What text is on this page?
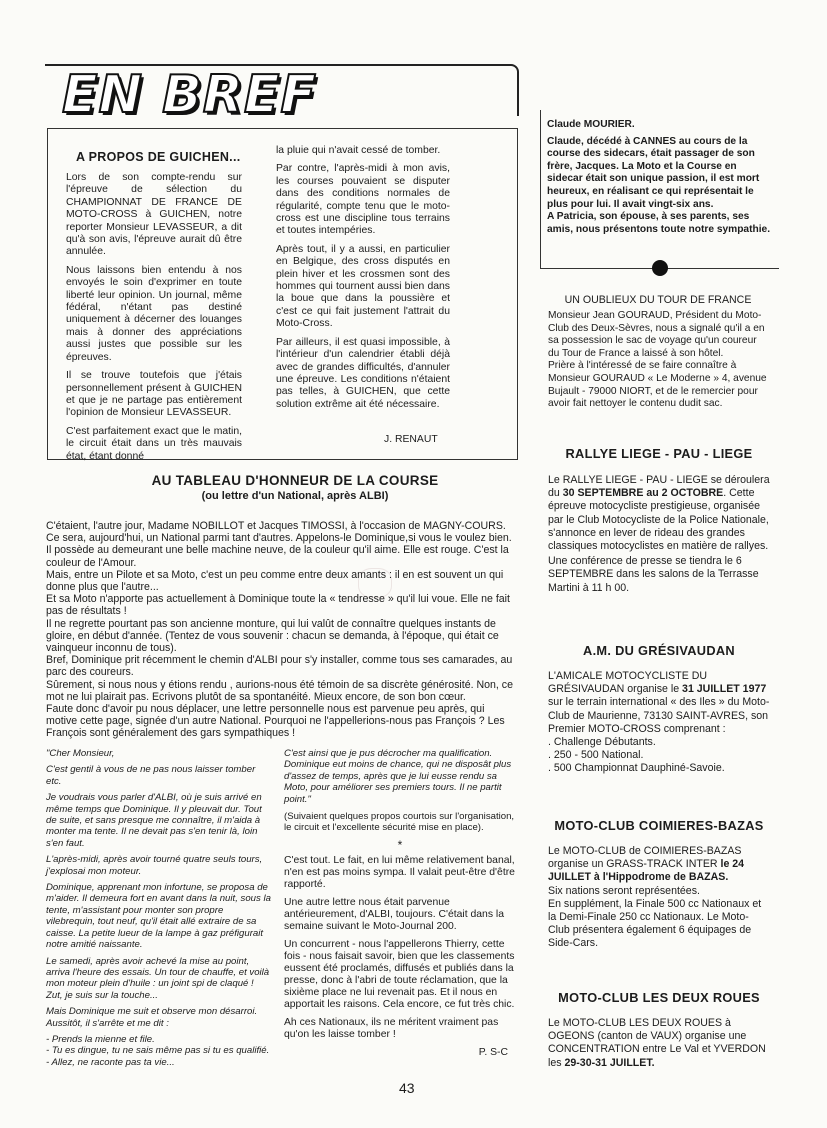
EN BREF
A PROPOS DE GUICHEN...

Lors de son compte-rendu sur l'épreuve de sélection du CHAMPIONNAT DE FRANCE DE MOTO-CROSS à GUICHEN, notre reporter Monsieur LEVASSEUR, a dit qu'à son avis, l'épreuve aurait dû être annulée.

Nous laissons bien entendu à nos envoyés le soin d'exprimer en toute liberté leur opinion. Un journal, même fédéral, n'étant pas destiné uniquement à décerner des louanges mais à donner des appréciations aussi justes que possible sur les épreuves.

Il se trouve toutefois que j'étais personnellement présent à GUICHEN et que je ne partage pas entièrement l'opinion de Monsieur LEVASSEUR.

C'est parfaitement exact que le matin, le circuit était dans un très mauvais état, étant donné

la pluie qui n'avait cessé de tomber.

Par contre, l'après-midi à mon avis, les courses pouvaient se disputer dans des conditions normales de régularité, compte tenu que le moto-cross est une discipline tous terrains et toutes intempéries.

Après tout, il y a aussi, en particulier en Belgique, des cross disputés en plein hiver et les crossmen sont des hommes qui tournent aussi bien dans la boue que dans la poussière et c'est ce qui fait justement l'attrait du Moto-Cross.

Par ailleurs, il est quasi impossible, à l'intérieur d'un calendrier établi déjà avec de grandes difficultés, d'annuler une épreuve. Les conditions n'étaient pas telles, à GUICHEN, que cette solution extrême ait été nécessaire.

J. RENAUT
AU TABLEAU D'HONNEUR DE LA COURSE
(ou lettre d'un National, après ALBI)

C'étaient, l'autre jour, Madame NOBILLOT et Jacques TIMOSSI, à l'occasion de MAGNY-COURS. Ce sera, aujourd'hui, un National parmi tant d'autres. Appelons-le Dominique,si vous le voulez bien.

Il possède au demeurant une belle machine neuve, de la couleur qu'il aime. Elle est rouge. C'est la couleur de l'Amour.

Mais, entre un Pilote et sa Moto, c'est un peu comme entre deux amants : il en est souvent un qui donne plus que l'autre...

Et sa Moto n'apporte pas actuellement à Dominique toute la « tendresse » qu'il lui voue. Elle ne fait pas de résultats !

Il ne regrette pourtant pas son ancienne monture, qui lui valût de connaître quelques instants de gloire, en début d'année. (Tentez de vous souvenir : chacun se demanda, à l'époque, qui était ce vainqueur inconnu de tous).

Bref, Dominique prit récemment le chemin d'ALBI pour s'y installer, comme tous ses camarades, au parc des coureurs.

Sûrement, si nous nous y étions rendu , aurions-nous été témoin de sa discrète générosité. Non, ce mot ne lui plairait pas. Ecrivons plutôt de sa spontanéité. Mieux encore, de son bon cœur.

Faute donc d'avoir pu nous déplacer, une lettre personnelle nous est parvenue peu après, qui motive cette page, signée d'un autre National. Pourquoi ne l'appellerions-nous pas François ? Les François sont généralement des gars sympathiques !

"Cher Monsieur,

C'est gentil à vous de ne pas nous laisser tomber etc.

Je voudrais vous parler d'ALBI, où je suis arrivé en même temps que Dominique. Il y pleuvait dur. Tout de suite, et sans presque me connaître, il m'aida à monter ma tente. Il ne devait pas s'en tenir là, loin s'en faut.

L'après-midi, après avoir tourné quatre seuls tours, j'explosai mon moteur.

Dominique, apprenant mon infortune, se proposa de m'aider. Il demeura fort en avant dans la nuit, sous la tente, m'assistant pour monter son propre vilebrequin, tout neuf, qu'il était allé extraire de sa caisse. La petite lueur de la lampe à gaz préfigurait notre amitié naissante.

Le samedi, après avoir achevé la mise au point, arriva l'heure des essais. Un tour de chauffe, et voilà mon moteur plein d'huile : un joint spi de claqué ! Zut, je suis sur la touche...

Mais Dominique me suit et observe mon désarroi. Aussitôt, il s'arrête et me dit :

- Prends la mienne et file.

- Tu es dingue, tu ne sais même pas si tu es qualifié.

- Allez, ne raconte pas ta vie...

C'est ainsi que je pus décrocher ma qualification. Dominique eut moins de chance, qui ne disposât plus d'assez de temps, après que je lui eusse rendu sa Moto, pour améliorer ses premiers tours. Il ne partit point."

(Suivaient quelques propos courtois sur l'organisation, le circuit et l'excellente sécurité mise en place).

*

C'est tout. Le fait, en lui même relativement banal, n'en est pas moins sympa. Il valait peut-être d'être rapporté.

Une autre lettre nous était parvenue antérieurement, d'ALBI, toujours. C'était dans la semaine suivant le Moto-Journal 200.

Un concurrent - nous l'appellerons Thierry, cette fois - nous faisait savoir, bien que les classements eussent été proclamés, diffusés et publiés dans la presse, donc à l'abri de toute réclamation, que la sixième place ne lui revenait pas. Et il nous en apportait les raisons. Cela encore, ce fut très chic.

Ah ces Nationaux, ils ne méritent vraiment pas qu'on les laisse tomber !

P. S-C

Claude MOURIER.

Claude, décédé à CANNES au cours de la course des sidecars, était passager de son frère, Jacques. La Moto et la Course en sidecar était son unique passion, il est mort heureux, en réalisant ce qui représentait le plus pour lui. Il avait vingt-six ans.

A Patricia, son épouse, à ses parents, ses amis, nous présentons toute notre sympathie.

UN OUBLIEUX DU TOUR DE FRANCE

Monsieur Jean GOURAUD, Président du Moto-Club des Deux-Sèvres, nous a signalé qu'il a en sa possession le sac de voyage qu'un coureur du Tour de France a laissé à son hôtel.

Prière à l'intéressé de se faire connaître à Monsieur GOURAUD « Le Moderne » 4, avenue Bujault - 79000 NIORT, et de le remercier pour avoir fait nettoyer le contenu dudit sac.

RALLYE LIEGE - PAU - LIEGE

Le RALLYE LIEGE - PAU - LIEGE se déroulera du 30 SEPTEMBRE au 2 OCTOBRE. Cette épreuve motocycliste prestigieuse, organisée par le Club Motocycliste de la Police Nationale, s'annonce en lever de rideau des grandes classiques motocyclistes en matière de rallyes.

Une conférence de presse se tiendra le 6 SEPTEMBRE dans les salons de la Terrasse Martini à 11 h 00.

A.M. DU GRÉSIVAUDAN

L'AMICALE MOTOCYCLISTE DU GRÉSIVAUDAN organise le 31 JUILLET 1977 sur le terrain international « des Iles » du Moto-Club de Maurienne, 73130 SAINT-AVRES, son Premier MOTO-CROSS comprenant :

. Challenge Débutants.

. 250 - 500 National.

. 500 Championnat Dauphiné-Savoie.

MOTO-CLUB COIMIERES-BAZAS

Le MOTO-CLUB de COIMIERES-BAZAS organise un GRASS-TRACK INTER le 24 JUILLET à l'Hippodrome de BAZAS.

Six nations seront représentées.

En supplément, la Finale 500 cc Nationaux et la Demi-Finale 250 cc Nationaux. Le Moto-Club présentera également 6 équipages de Side-Cars.

MOTO-CLUB LES DEUX ROUES

Le MOTO-CLUB LES DEUX ROUES à OGEONS (canton de VAUX) organise une CONCENTRATION entre Le Val et YVERDON les 29-30-31 JUILLET.

43
